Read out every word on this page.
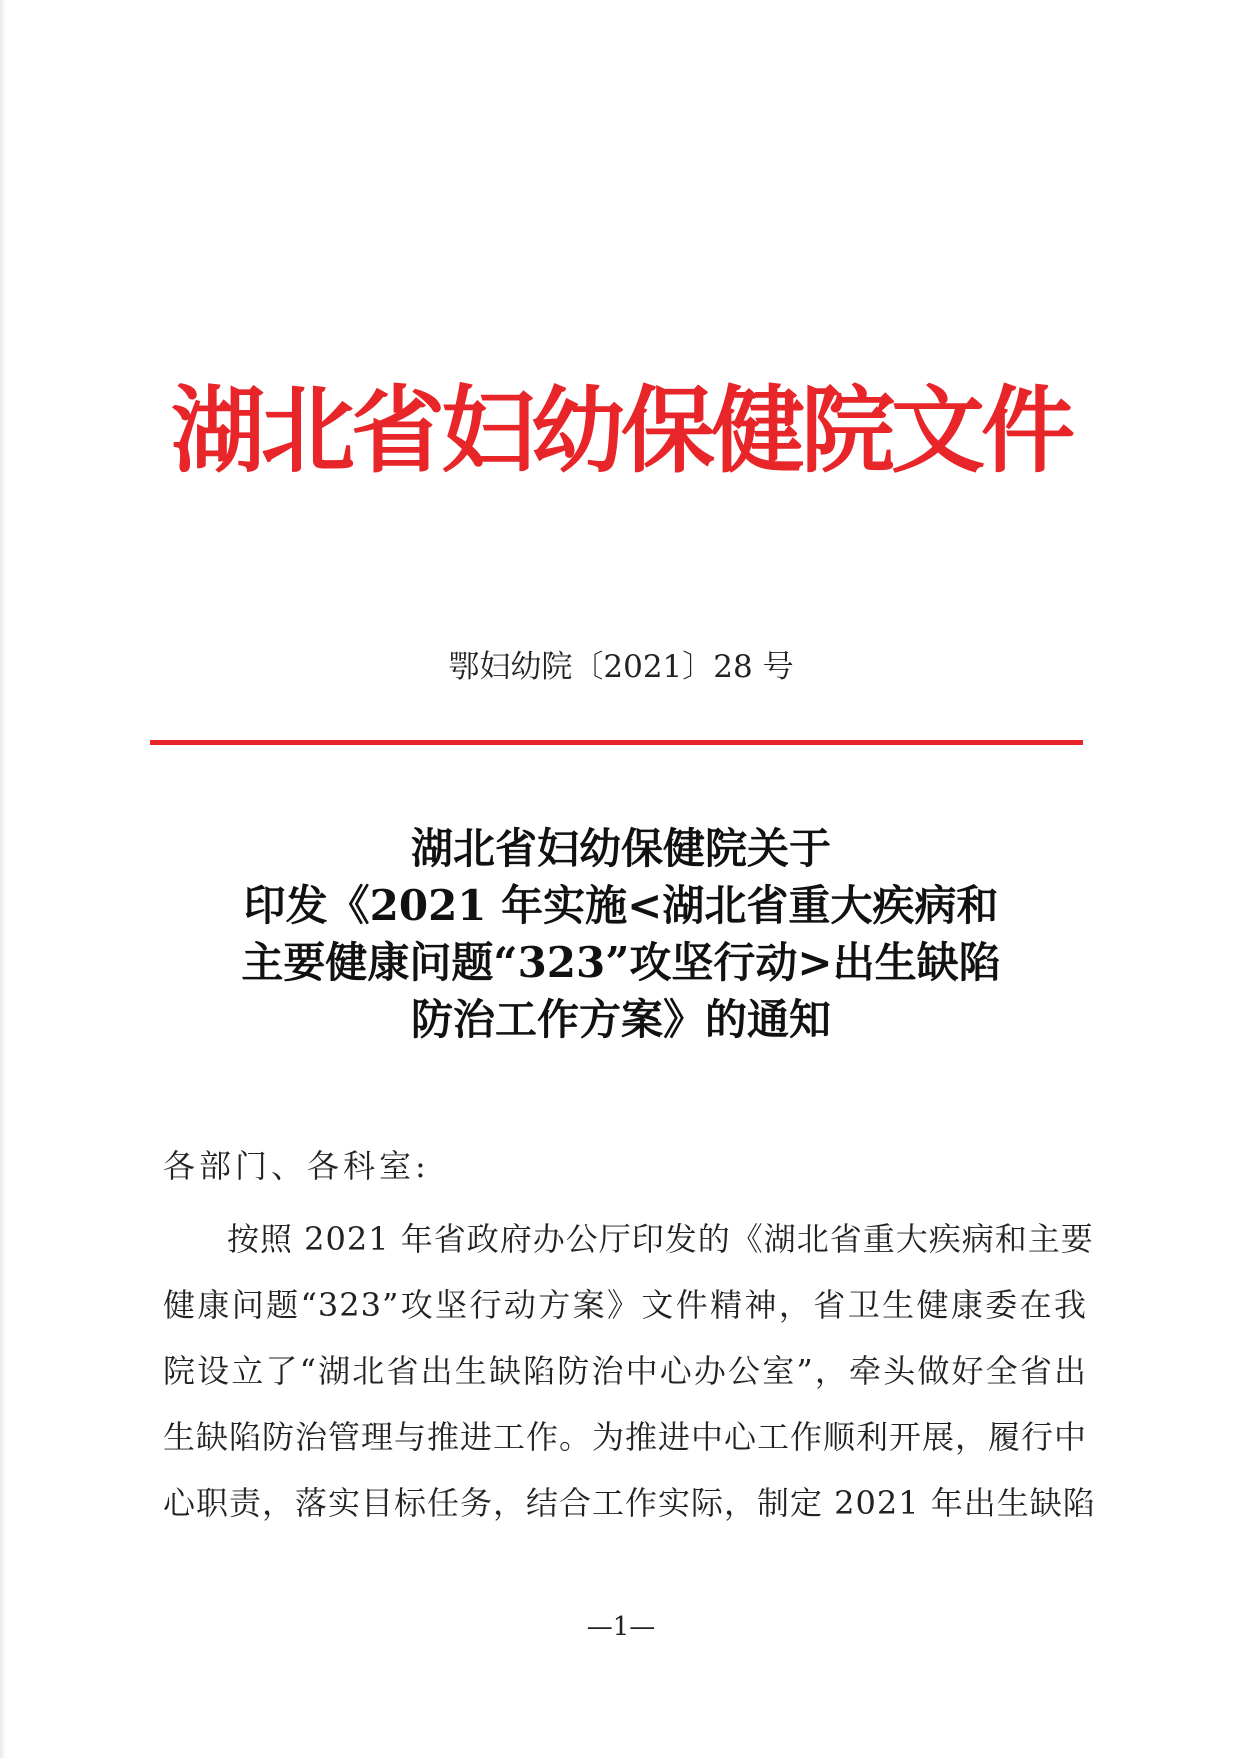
湖北省妇幼保健院文件
鄂妇幼院〔2021〕28 号
湖北省妇幼保健院关于
印发《2021 年实施<湖北省重大疾病和
主要健康问题“323”攻坚行动>出生缺陷
防治工作方案》的通知
各部门、各科室:
按照 2021 年省政府办公厅印发的《湖北省重大疾病和主要
健康问题“323”攻坚行动方案》文件精神，省卫生健康委在我
院设立了“湖北省出生缺陷防治中心办公室”，牵头做好全省出
生缺陷防治管理与推进工作。为推进中心工作顺利开展，履行中
心职责，落实目标任务，结合工作实际，制定 2021 年出生缺陷
—1—
